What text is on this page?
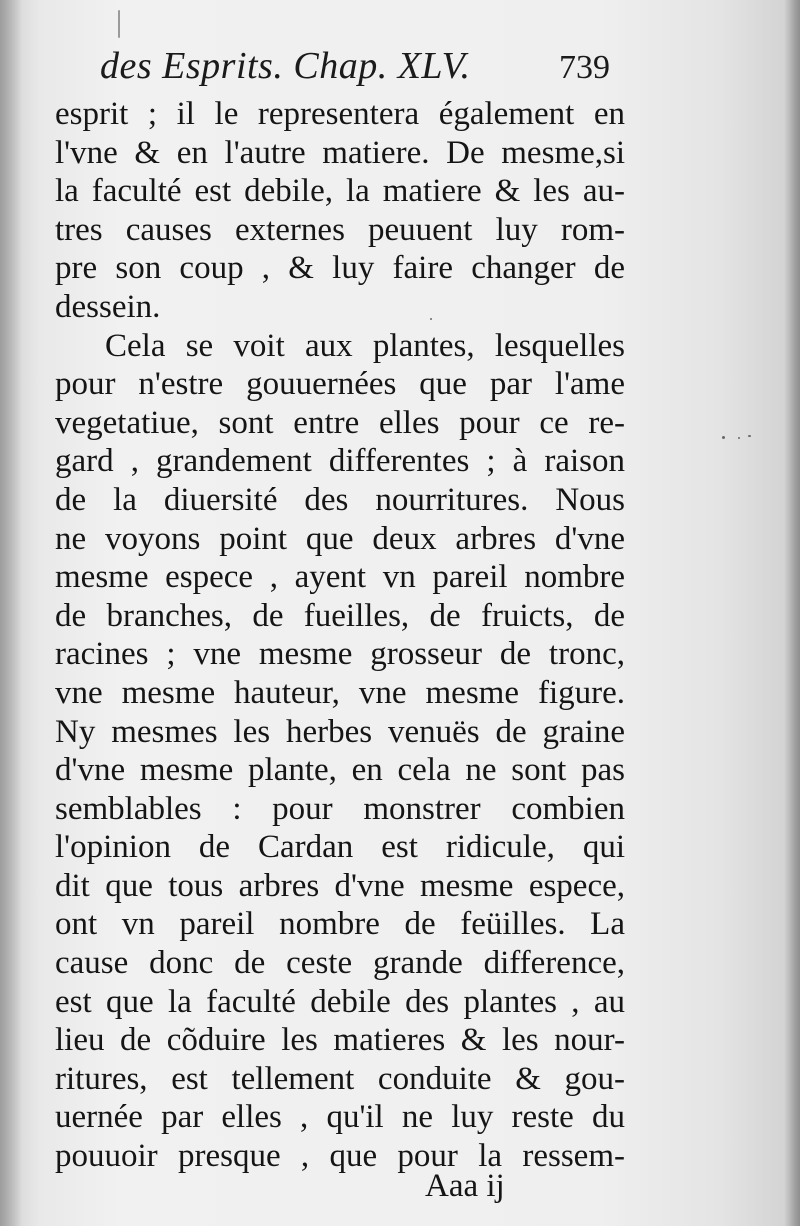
des Esprits. Chap. XLV.	739
esprit ; il le representera également en
l'vne & en l'autre matiere. De mesme,si
la faculté est debile, la matiere & les au-
tres causes externes peuuent luy rom-
pre son coup , & luy faire changer de
dessein.
Cela se voit aux plantes, lesquelles
pour n'estre gouuernées que par l'ame
vegetatiue, sont entre elles pour ce re-
gard , grandement differentes ; à raison
de la diuersité des nourritures. Nous
ne voyons point que deux arbres d'vne
mesme espece , ayent vn pareil nombre
de branches, de fueilles, de fruicts, de
racines ; vne mesme grosseur de tronc,
vne mesme hauteur, vne mesme figure.
Ny mesmes les herbes venuës de graine
d'vne mesme plante, en cela ne sont pas
semblables : pour monstrer combien
l'opinion de Cardan est ridicule, qui
dit que tous arbres d'vne mesme espece,
ont vn pareil nombre de feüilles. La
cause donc de ceste grande difference,
est que la faculté debile des plantes , au
lieu de cõduire les matieres & les nour-
ritures, est tellement conduite & gou-
uernée par elles , qu'il ne luy reste du
pouuoir presque , que pour la ressem-
Aaa ij
